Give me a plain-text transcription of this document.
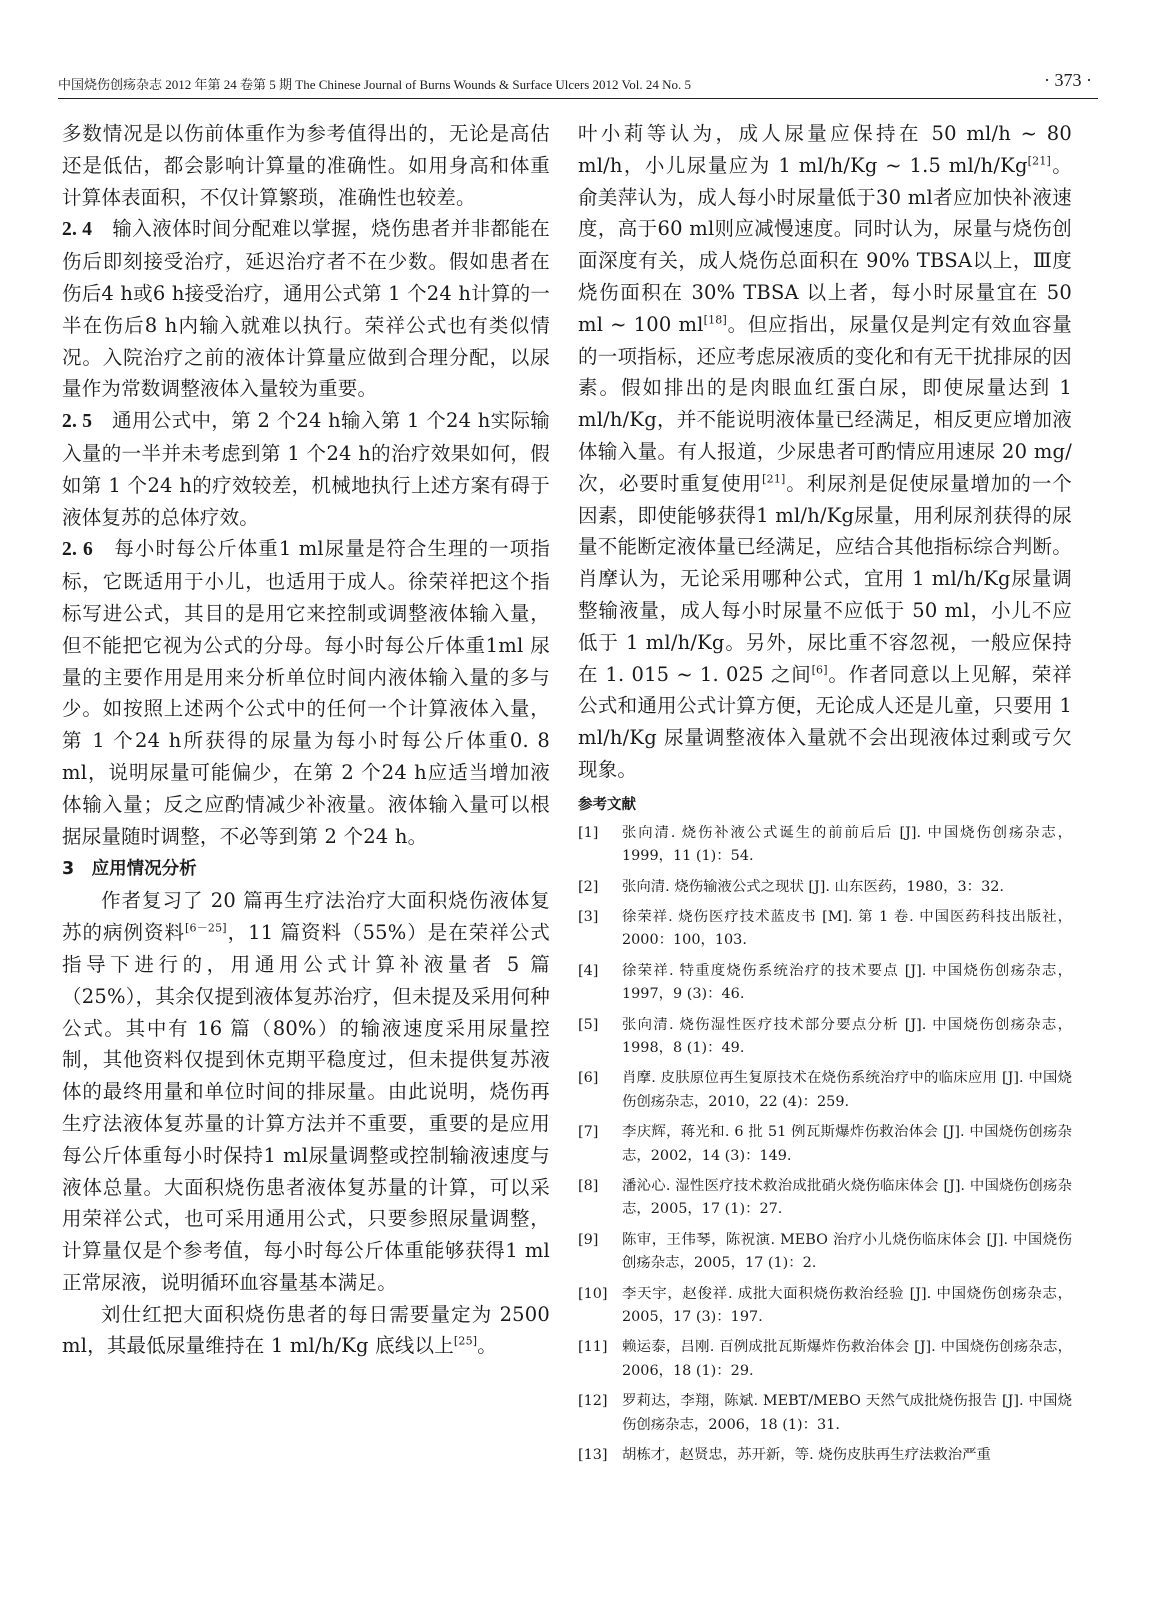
中国烧伤创疡杂志 2012 年第 24 卷第 5 期 The Chinese Journal of Burns Wounds & Surface Ulcers 2012 Vol. 24 No. 5	· 373 ·

多数情况是以伤前体重作为参考值得出的，无论是高估还是低估，都会影响计算量的准确性。如用身高和体重计算体表面积，不仅计算繁琐，准确性也较差。

2. 4　 输入液体时间分配难以掌握，烧伤患者并非都能在伤后即刻接受治疗，延迟治疗者不在少数。假如患者在伤后4 h或6 h接受治疗，通用公式第 1 个24 h计算的一半在伤后8 h内输入就难以执行。荣祥公式也有类似情况。入院治疗之前的液体计算量应做到合理分配，以尿量作为常数调整液体入量较为重要。

2. 5　 通用公式中，第 2 个24 h输入第 1 个24 h实际输入量的一半并未考虑到第 1 个24 h的治疗效果如何，假如第 1 个24 h的疗效较差，机械地执行上述方案有碍于液体复苏的总体疗效。

2. 6　 每小时每公斤体重1 ml尿量是符合生理的一项指标，它既适用于小儿，也适用于成人。徐荣祥把这个指标写进公式，其目的是用它来控制或调整液体输入量，但不能把它视为公式的分母。每小时每公斤体重1ml 尿量的主要作用是用来分析单位时间内液体输入量的多与少。如按照上述两个公式中的任何一个计算液体入量，第 1 个24 h所获得的尿量为每小时每公斤体重0. 8 ml，说明尿量可能偏少，在第 2 个24 h应适当增加液体输入量；反之应酌情减少补液量。液体输入量可以根据尿量随时调整，不必等到第 2 个24 h。

3　应用情况分析

作者复习了 20 篇再生疗法治疗大面积烧伤液体复苏的病例资料[6－25]，11 篇资料（55%）是在荣祥公式指导下进行的，用通用公式计算补液量者 5 篇（25%），其余仅提到液体复苏治疗，但未提及采用何种公式。其中有 16 篇（80%）的输液速度采用尿量控制，其他资料仅提到休克期平稳度过，但未提供复苏液体的最终用量和单位时间的排尿量。由此说明，烧伤再生疗法液体复苏量的计算方法并不重要，重要的是应用每公斤体重每小时保持1 ml尿量调整或控制输液速度与液体总量。大面积烧伤患者液体复苏量的计算，可以采用荣祥公式，也可采用通用公式，只要参照尿量调整，计算量仅是个参考值，每小时每公斤体重能够获得1 ml正常尿液，说明循环血容量基本满足。

刘仕红把大面积烧伤患者的每日需要量定为 2500 ml，其最低尿量维持在 1 ml/h/Kg 底线以上[25]。

叶小莉等认为，成人尿量应保持在 50 ml/h ~ 80 ml/h，小儿尿量应为 1 ml/h/Kg ~ 1.5 ml/h/Kg[21]。俞美萍认为，成人每小时尿量低于30 ml者应加快补液速度，高于60 ml则应减慢速度。同时认为，尿量与烧伤创面深度有关，成人烧伤总面积在 90% TBSA以上，Ⅲ度烧伤面积在 30% TBSA 以上者，每小时尿量宜在 50 ml ~ 100 ml[18]。但应指出，尿量仅是判定有效血容量的一项指标，还应考虑尿液质的变化和有无干扰排尿的因素。假如排出的是肉眼血红蛋白尿，即使尿量达到 1 ml/h/Kg，并不能说明液体量已经满足，相反更应增加液体输入量。有人报道，少尿患者可酌情应用速尿 20 mg/次，必要时重复使用[21]。利尿剂是促使尿量增加的一个因素，即使能够获得1 ml/h/Kg尿量，用利尿剂获得的尿量不能断定液体量已经满足，应结合其他指标综合判断。肖摩认为，无论采用哪种公式，宜用 1 ml/h/Kg尿量调整输液量，成人每小时尿量不应低于 50 ml，小儿不应低于 1 ml/h/Kg。另外，尿比重不容忽视，一般应保持在 1. 015 ~ 1. 025 之间[6]。作者同意以上见解，荣祥公式和通用公式计算方便，无论成人还是儿童，只要用 1 ml/h/Kg 尿量调整液体入量就不会出现液体过剩或亏欠现象。

参考文献
[1] 张向清. 烧伤补液公式诞生的前前后后 [J]. 中国烧伤创疡杂志，1999，11 (1)：54.
[2] 张向清. 烧伤输液公式之现状 [J]. 山东医药，1980，3：32.
[3] 徐荣祥. 烧伤医疗技术蓝皮书 [M]. 第 1 卷. 中国医药科技出版社，2000：100，103.
[4] 徐荣祥. 特重度烧伤系统治疗的技术要点 [J]. 中国烧伤创疡杂志，1997，9 (3)：46.
[5] 张向清. 烧伤湿性医疗技术部分要点分析 [J]. 中国烧伤创疡杂志，1998，8 (1)：49.
[6] 肖摩. 皮肤原位再生复原技术在烧伤系统治疗中的临床应用 [J]. 中国烧伤创疡杂志，2010，22 (4)：259.
[7] 李庆辉，蒋光和. 6 批 51 例瓦斯爆炸伤救治体会 [J]. 中国烧伤创疡杂志，2002，14 (3)：149.
[8] 潘沁心. 湿性医疗技术救治成批硝火烧伤临床体会 [J]. 中国烧伤创疡杂志，2005，17 (1)：27.
[9] 陈审，王伟琴，陈祝演. MEBO 治疗小儿烧伤临床体会 [J]. 中国烧伤创疡杂志，2005，17 (1)：2.
[10] 李天宇，赵俊祥. 成批大面积烧伤救治经验 [J]. 中国烧伤创疡杂志，2005，17 (3)：197.
[11] 赖运泰，吕刚. 百例成批瓦斯爆炸伤救治体会 [J]. 中国烧伤创疡杂志，2006，18 (1)：29.
[12] 罗莉达，李翔，陈斌. MEBT/MEBO 天然气成批烧伤报告 [J]. 中国烧伤创疡杂志，2006，18 (1)：31.
[13] 胡栋才，赵贤忠，苏开新，等. 烧伤皮肤再生疗法救治严重
